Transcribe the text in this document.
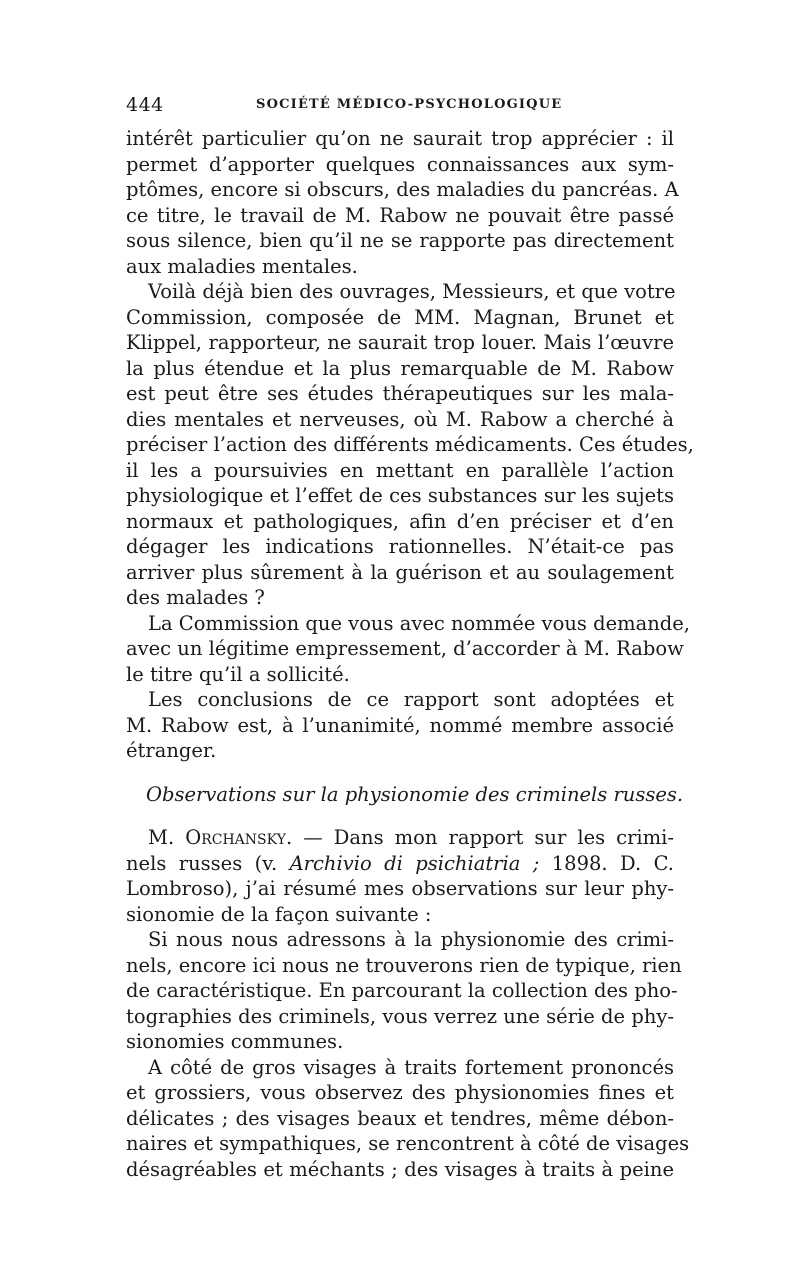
444	SOCIÉTÉ MÉDICO-PSYCHOLOGIQUE
intérêt particulier qu’on ne saurait trop apprécier : il
permet d’apporter quelques connaissances aux sym-
ptômes, encore si obscurs, des maladies du pancréas. A
ce titre, le travail de M. Rabow ne pouvait être passé
sous silence, bien qu’il ne se rapporte pas directement
aux maladies mentales.
Voilà déjà bien des ouvrages, Messieurs, et que votre
Commission, composée de MM. Magnan, Brunet et
Klippel, rapporteur, ne saurait trop louer. Mais l’œuvre
la plus étendue et la plus remarquable de M. Rabow
est peut être ses études thérapeutiques sur les mala-
dies mentales et nerveuses, où M. Rabow a cherché à
préciser l’action des différents médicaments. Ces études,
il les a poursuivies en mettant en parallèle l’action
physiologique et l’effet de ces substances sur les sujets
normaux et pathologiques, afin d’en préciser et d’en
dégager les indications rationnelles. N’était-ce pas
arriver plus sûrement à la guérison et au soulagement
des malades ?
La Commission que vous avec nommée vous demande,
avec un légitime empressement, d’accorder à M. Rabow
le titre qu’il a sollicité.
Les conclusions de ce rapport sont adoptées et
M. Rabow est, à l’unanimité, nommé membre associé
étranger.
Observations sur la physionomie des criminels russes.
M. Orchansky. — Dans mon rapport sur les crimi-
nels russes (v. Archivio di psichiatria ; 1898. D. C.
Lombroso), j’ai résumé mes observations sur leur phy-
sionomie de la façon suivante :
Si nous nous adressons à la physionomie des crimi-
nels, encore ici nous ne trouverons rien de typique, rien
de caractéristique. En parcourant la collection des pho-
tographies des criminels, vous verrez une série de phy-
sionomies communes.
A côté de gros visages à traits fortement prononcés
et grossiers, vous observez des physionomies fines et
délicates ; des visages beaux et tendres, même débon-
naires et sympathiques, se rencontrent à côté de visages
désagréables et méchants ; des visages à traits à peine
